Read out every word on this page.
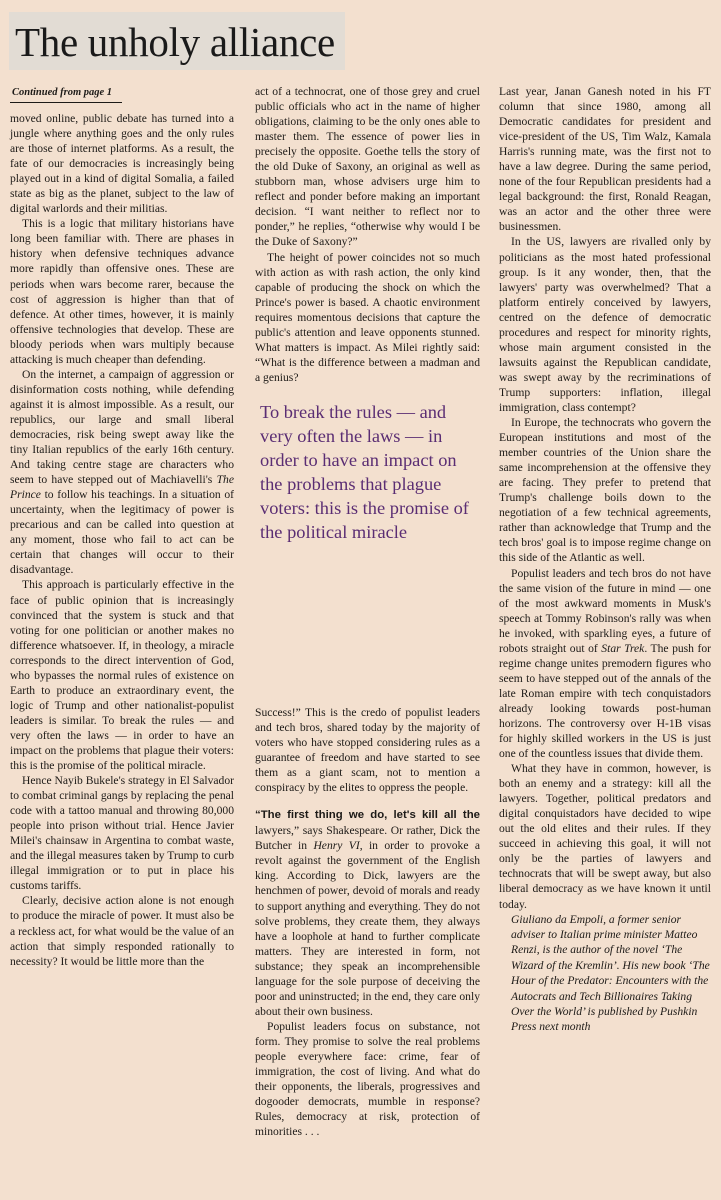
The unholy alliance
Continued from page 1

moved online, public debate has turned into a jungle where anything goes and the only rules are those of internet platforms. As a result, the fate of our democracies is increasingly being played out in a kind of digital Somalia, a failed state as big as the planet, subject to the law of digital warlords and their militias.

This is a logic that military historians have long been familiar with. There are phases in history when defensive techniques advance more rapidly than offensive ones. These are periods when wars become rarer, because the cost of aggression is higher than that of defence. At other times, however, it is mainly offensive technologies that develop. These are bloody periods when wars multiply because attacking is much cheaper than defending.

On the internet, a campaign of aggression or disinformation costs nothing, while defending against it is almost impossible. As a result, our republics, our large and small liberal democracies, risk being swept away like the tiny Italian republics of the early 16th century. And taking centre stage are characters who seem to have stepped out of Machiavelli's The Prince to follow his teachings. In a situation of uncertainty, when the legitimacy of power is precarious and can be called into question at any moment, those who fail to act can be certain that changes will occur to their disadvantage.

This approach is particularly effective in the face of public opinion that is increasingly convinced that the system is stuck and that voting for one politician or another makes no difference whatsoever. If, in theology, a miracle corresponds to the direct intervention of God, who bypasses the normal rules of existence on Earth to produce an extraordinary event, the logic of Trump and other nationalist-populist leaders is similar. To break the rules — and very often the laws — in order to have an impact on the problems that plague their voters: this is the promise of the political miracle.

Hence Nayib Bukele's strategy in El Salvador to combat criminal gangs by replacing the penal code with a tattoo manual and throwing 80,000 people into prison without trial. Hence Javier Milei's chainsaw in Argentina to combat waste, and the illegal measures taken by Trump to curb illegal immigration or to put in place his customs tariffs.

Clearly, decisive action alone is not enough to produce the miracle of power. It must also be a reckless act, for what would be the value of an action that simply responded rationally to necessity? It would be little more than the

act of a technocrat, one of those grey and cruel public officials who act in the name of higher obligations, claiming to be the only ones able to master them. The essence of power lies in precisely the opposite. Goethe tells the story of the old Duke of Saxony, an original as well as stubborn man, whose advisers urge him to reflect and ponder before making an important decision. “I want neither to reflect nor to ponder,” he replies, “otherwise why would I be the Duke of Saxony?”

The height of power coincides not so much with action as with rash action, the only kind capable of producing the shock on which the Prince's power is based. A chaotic environment requires momentous decisions that capture the public's attention and leave opponents stunned. What matters is impact. As Milei rightly said: “What is the difference between a madman and a genius?

To break the rules — and very often the laws — in order to have an impact on the problems that plague voters: this is the promise of the political miracle

Success!” This is the credo of populist leaders and tech bros, shared today by the majority of voters who have stopped considering rules as a guarantee of freedom and have started to see them as a giant scam, not to mention a conspiracy by the elites to oppress the people.

“The first thing we do, let's kill all the lawyers,” says Shakespeare. Or rather, Dick the Butcher in Henry VI, in order to provoke a revolt against the government of the English king. According to Dick, lawyers are the henchmen of power, devoid of morals and ready to support anything and everything. They do not solve problems, they create them, they always have a loophole at hand to further complicate matters. They are interested in form, not substance; they speak an incomprehensible language for the sole purpose of deceiving the poor and uninstructed; in the end, they care only about their own business.

Populist leaders focus on substance, not form. They promise to solve the real problems people everywhere face: crime, fear of immigration, the cost of living. And what do their opponents, the liberals, progressives and dogooder democrats, mumble in response? Rules, democracy at risk, protection of minorities . . .

Last year, Janan Ganesh noted in his FT column that since 1980, among all Democratic candidates for president and vice-president of the US, Tim Walz, Kamala Harris's running mate, was the first not to have a law degree. During the same period, none of the four Republican presidents had a legal background: the first, Ronald Reagan, was an actor and the other three were businessmen.

In the US, lawyers are rivalled only by politicians as the most hated professional group. Is it any wonder, then, that the lawyers' party was overwhelmed? That a platform entirely conceived by lawyers, centred on the defence of democratic procedures and respect for minority rights, whose main argument consisted in the lawsuits against the Republican candidate, was swept away by the recriminations of Trump supporters: inflation, illegal immigration, class contempt?

In Europe, the technocrats who govern the European institutions and most of the member countries of the Union share the same incomprehension at the offensive they are facing. They prefer to pretend that Trump's challenge boils down to the negotiation of a few technical agreements, rather than acknowledge that Trump and the tech bros' goal is to impose regime change on this side of the Atlantic as well.

Populist leaders and tech bros do not have the same vision of the future in mind — one of the most awkward moments in Musk's speech at Tommy Robinson's rally was when he invoked, with sparkling eyes, a future of robots straight out of Star Trek. The push for regime change unites premodern figures who seem to have stepped out of the annals of the late Roman empire with tech conquistadors already looking towards post-human horizons. The controversy over H-1B visas for highly skilled workers in the US is just one of the countless issues that divide them.

What they have in common, however, is both an enemy and a strategy: kill all the lawyers. Together, political predators and digital conquistadors have decided to wipe out the old elites and their rules. If they succeed in achieving this goal, it will not only be the parties of lawyers and technocrats that will be swept away, but also liberal democracy as we have known it until today.

Giuliano da Empoli, a former senior adviser to Italian prime minister Matteo Renzi, is the author of the novel ‘The Wizard of the Kremlin’. His new book ‘The Hour of the Predator: Encounters with the Autocrats and Tech Billionaires Taking Over the World’ is published by Pushkin Press next month
